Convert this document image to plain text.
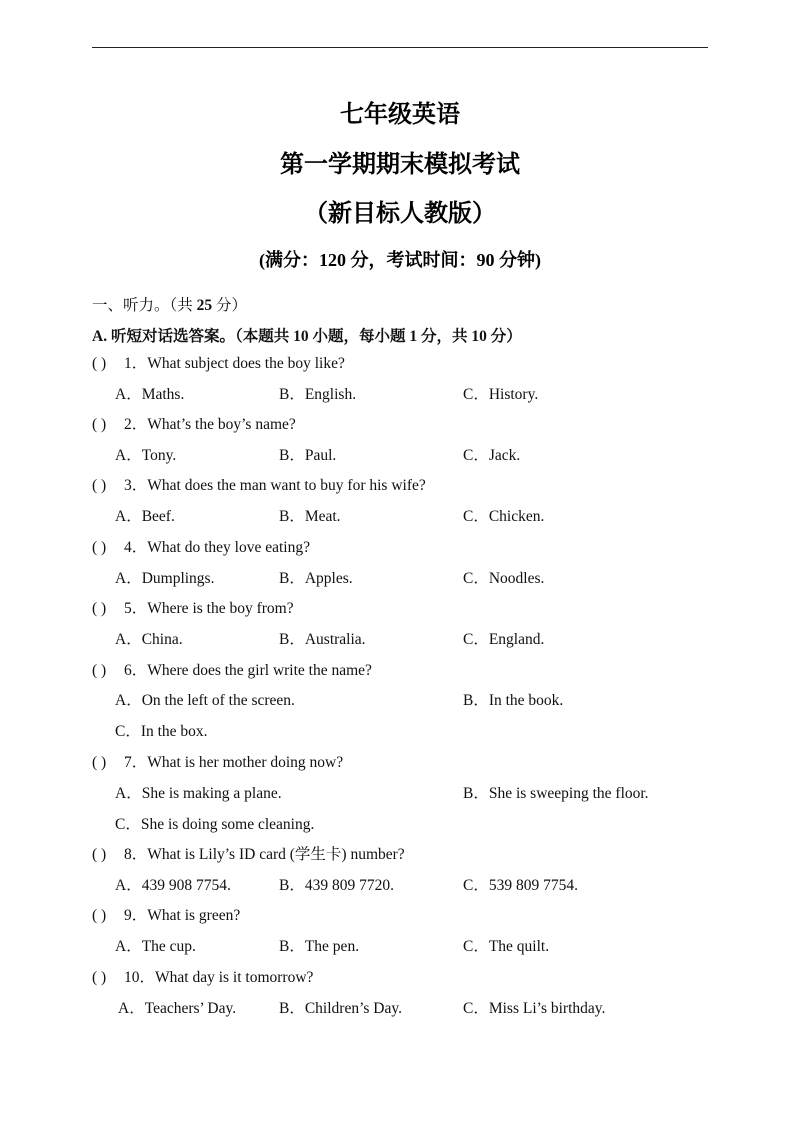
七年级英语
第一学期期末模拟考试
（新目标人教版）
(满分：120 分，考试时间：90 分钟)
一、听力。（共 25 分）
A. 听短对话选答案。（本题共 10 小题，每小题 1 分，共 10 分）
( ) 1．What subject does the boy like?
A．Maths.	B．English.	C．History.
( ) 2．What’s the boy’s name?
A．Tony.	B．Paul.	C．Jack.
( ) 3．What does the man want to buy for his wife?
A．Beef.	B．Meat.	C．Chicken.
( ) 4．What do they love eating?
A．Dumplings.	B．Apples.	C．Noodles.
( ) 5．Where is the boy from?
A．China.	B．Australia.	C．England.
( ) 6．Where does the girl write the name?
A．On the left of the screen.	B．In the book.
C．In the box.
( ) 7．What is her mother doing now?
A．She is making a plane.	B．She is sweeping the floor.
C．She is doing some cleaning.
( ) 8．What is Lily’s ID card (学生卡) number?
A．439 908 7754.	B．439 809 7720.	C．539 809 7754.
( ) 9．What is green?
A．The cup.	B．The pen.	C．The quilt.
( ) 10．What day is it tomorrow?
A．Teachers’ Day.	B．Children’s Day.	C．Miss Li’s birthday.
